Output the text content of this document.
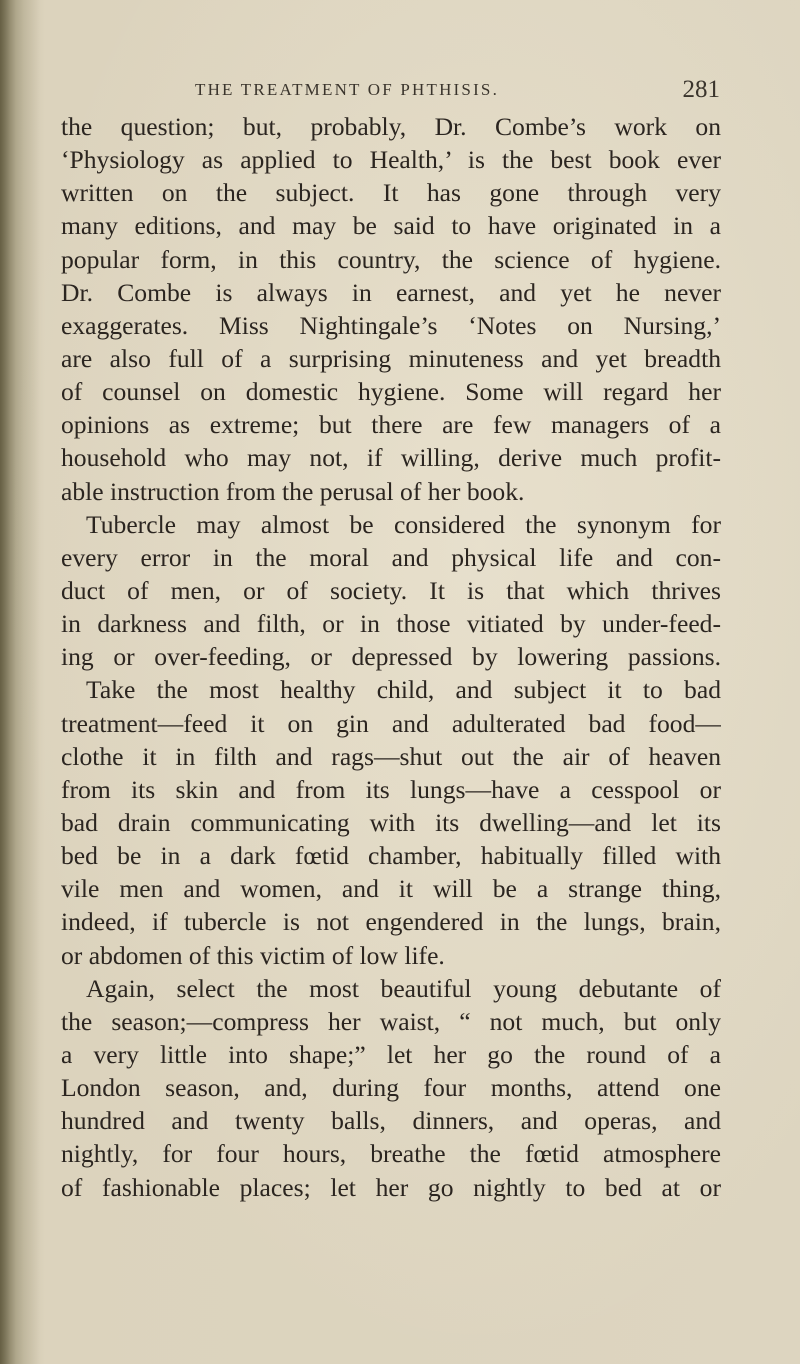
THE TREATMENT OF PHTHISIS.	281
the question; but, probably, Dr. Combe’s work on
‘Physiology as applied to Health,’ is the best book ever
written on the subject. It has gone through very
many editions, and may be said to have originated in a
popular form, in this country, the science of hygiene.
Dr. Combe is always in earnest, and yet he never
exaggerates. Miss Nightingale’s ‘Notes on Nursing,’
are also full of a surprising minuteness and yet breadth
of counsel on domestic hygiene. Some will regard her
opinions as extreme; but there are few managers of a
household who may not, if willing, derive much profit-
able instruction from the perusal of her book.
Tubercle may almost be considered the synonym for
every error in the moral and physical life and con-
duct of men, or of society. It is that which thrives
in darkness and filth, or in those vitiated by under-feed-
ing or over-feeding, or depressed by lowering passions.
Take the most healthy child, and subject it to bad
treatment—feed it on gin and adulterated bad food—
clothe it in filth and rags—shut out the air of heaven
from its skin and from its lungs—have a cesspool or
bad drain communicating with its dwelling—and let its
bed be in a dark fœtid chamber, habitually filled with
vile men and women, and it will be a strange thing,
indeed, if tubercle is not engendered in the lungs, brain,
or abdomen of this victim of low life.
Again, select the most beautiful young debutante of
the season;—compress her waist, “ not much, but only
a very little into shape;” let her go the round of a
London season, and, during four months, attend one
hundred and twenty balls, dinners, and operas, and
nightly, for four hours, breathe the fœtid atmosphere
of fashionable places; let her go nightly to bed at or
